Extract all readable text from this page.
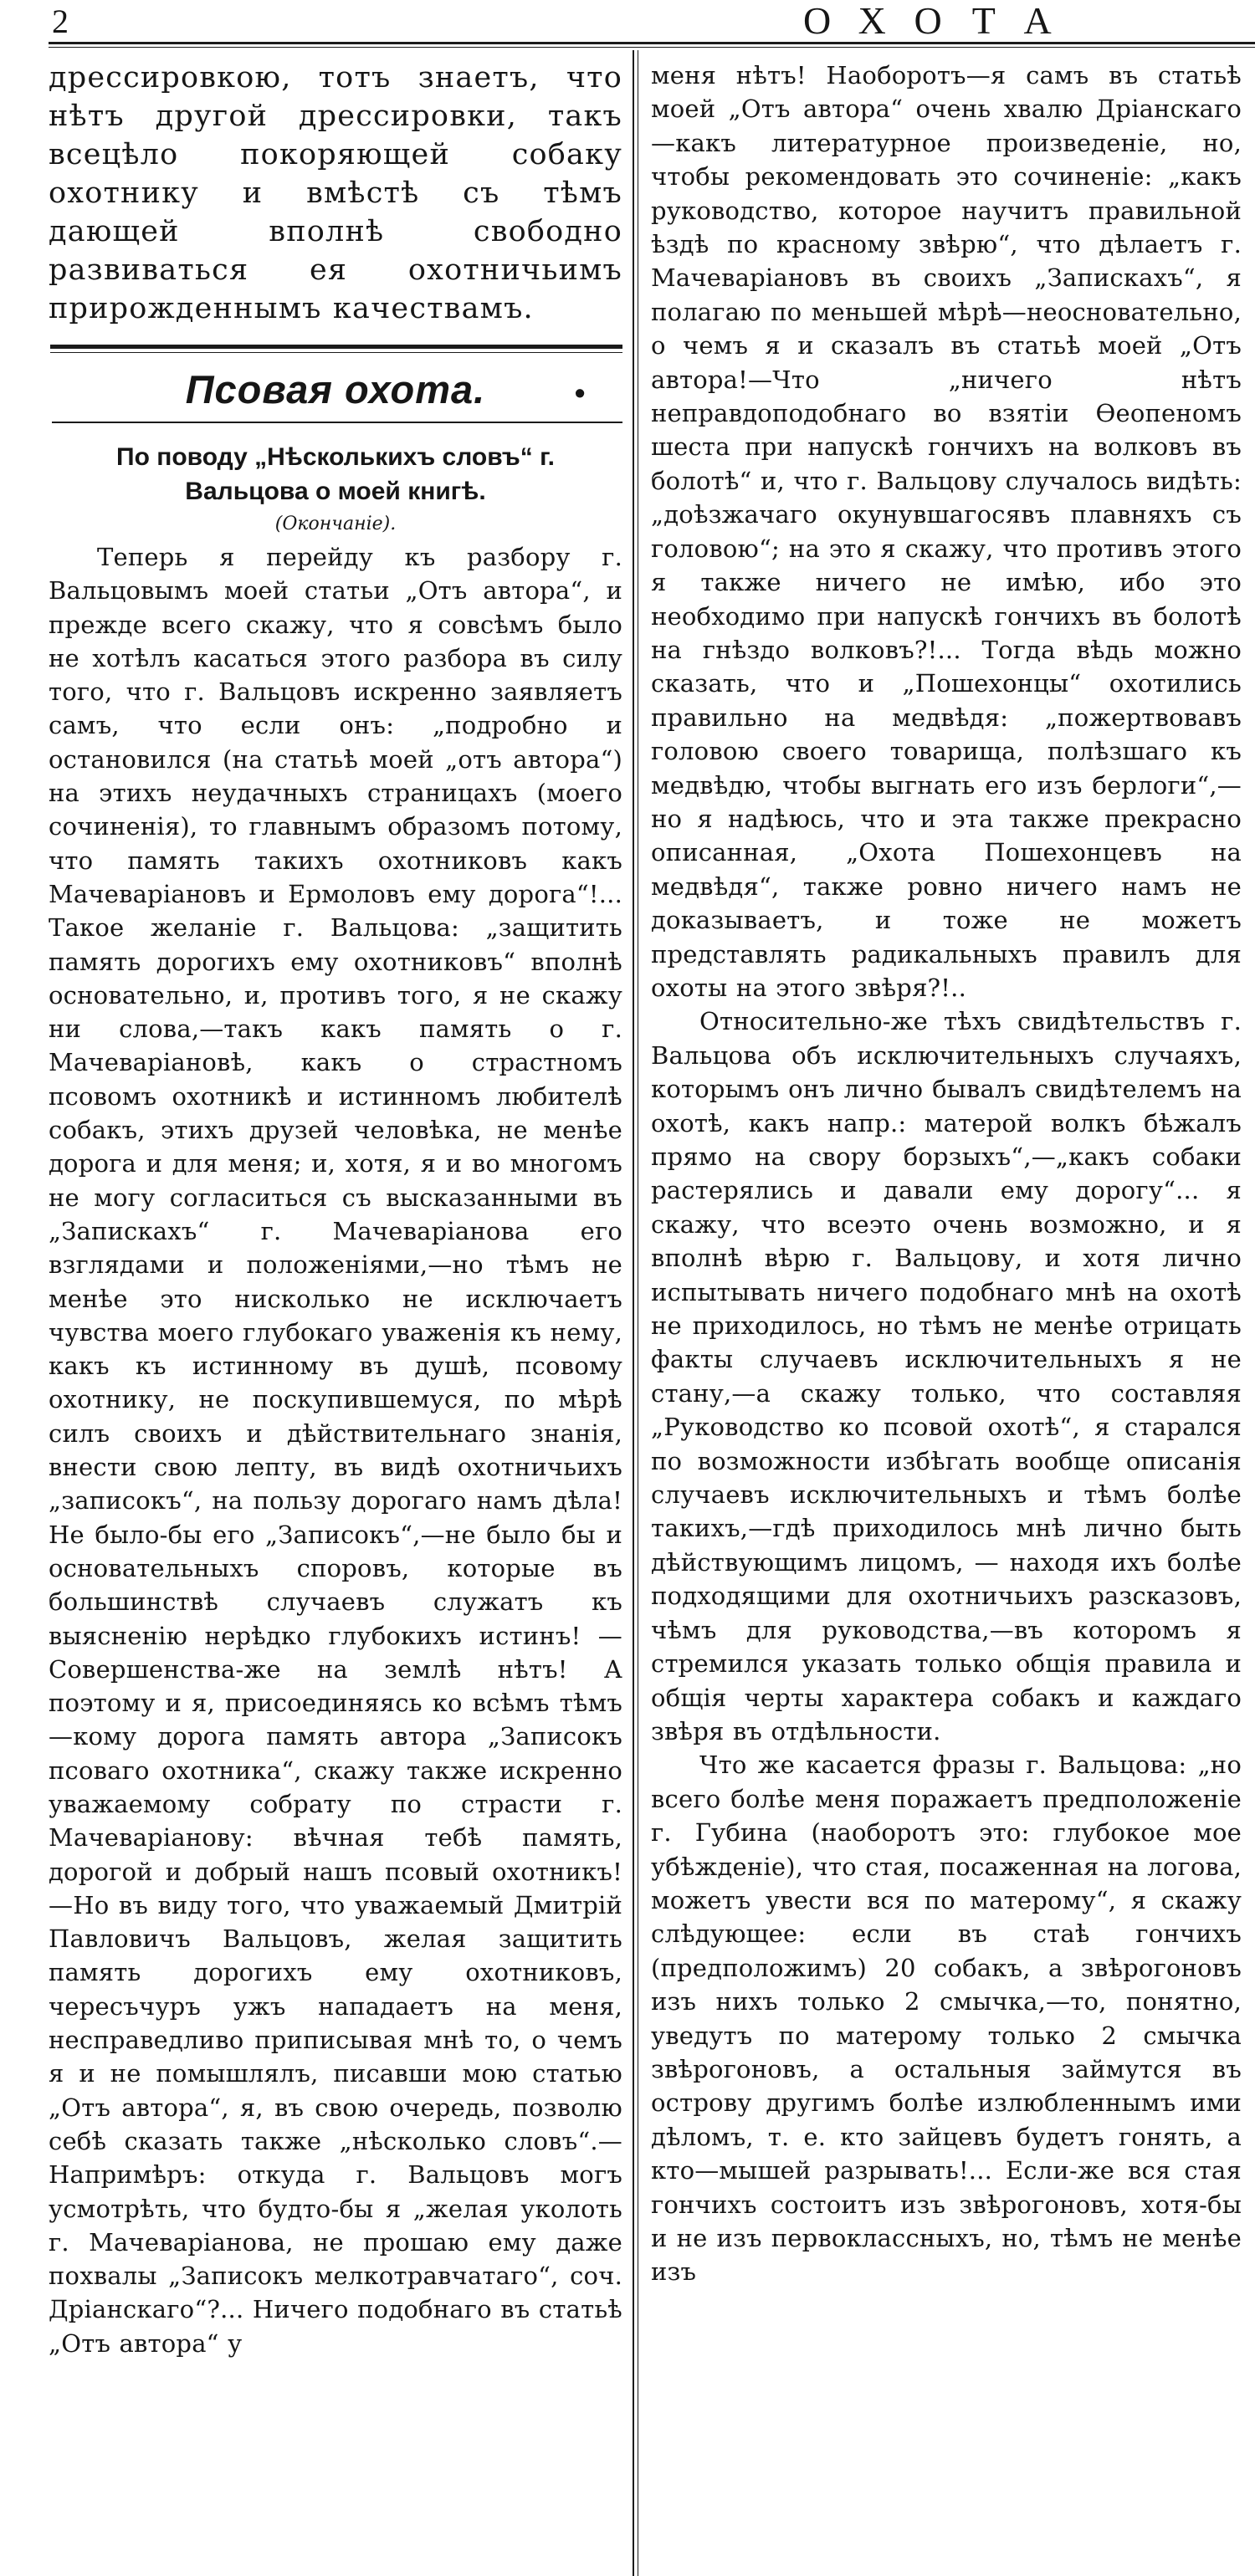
2	ОХОТА

дрессировкою, тотъ знаетъ, что нѣтъ другой дрессировки, такъ всецѣло покоряющей собаку охотнику и вмѣстѣ съ тѣмъ дающей вполнѣ свободно развиваться ея охотничьимъ прирожденнымъ качествамъ.

Псовая охота.	•
По поводу „Нѣсколькихъ словъ“ г. Вальцова о моей книгѣ.
(Окончаніе).

Теперь я перейду къ разбору г. Вальцовымъ моей статьи „Отъ автора“, и прежде всего скажу, что я совсѣмъ было не хотѣлъ касаться этого разбора въ силу того, что г. Вальцовъ искренно заявляетъ самъ, что если онъ: „подробно и остановился (на статьѣ моей „отъ автора“) на этихъ неудачныхъ страницахъ (моего сочиненія), то главнымъ образомъ потому, что память такихъ охотниковъ какъ Мачеваріановъ и Ермоловъ ему дорога“!... Такое желаніе г. Вальцова: „защитить память дорогихъ ему охотниковъ“ вполнѣ основательно, и, противъ того, я не скажу ни слова,—такъ какъ память о г. Мачеваріановѣ, какъ о страстномъ псовомъ охотникѣ и истинномъ любителѣ собакъ, этихъ друзей человѣка, не менѣе дорога и для меня; и, хотя, я и во многомъ не могу согласиться съ высказанными въ „Запискахъ“ г. Мачеваріанова его взглядами и положеніями,—но тѣмъ не менѣе это нисколько не исключаетъ чувства моего глубокаго уваженія къ нему, какъ къ истинному въ душѣ, псовому охотнику, не поскупившемуся, по мѣрѣ силъ своихъ и дѣйствительнаго знанія, внести свою лепту, въ видѣ охотничьихъ „записокъ“, на пользу дорогаго намъ дѣла! Не было-бы его „Записокъ“,—не было бы и основательныхъ споровъ, которые въ большинствѣ случаевъ служатъ къ выясненію нерѣдко глубокихъ истинъ! — Совершенства-же на землѣ нѣтъ! А поэтому и я, присоединяясь ко всѣмъ тѣмъ—кому дорога память автора „Записокъ псоваго охотника“, скажу также искренно уважаемому собрату по страсти г. Мачеваріанову: вѣчная тебѣ память, дорогой и добрый нашъ псовый охотникъ!—Но въ виду того, что уважаемый Дмитрій Павловичъ Вальцовъ, желая защитить память дорогихъ ему охотниковъ, чересъчуръ ужъ нападаетъ на меня, несправедливо приписывая мнѣ то, о чемъ я и не помышлялъ, писавши мою статью „Отъ автора“, я, въ свою очередь, позволю себѣ сказать также „нѣсколько словъ“.— Напримѣръ: откуда г. Вальцовъ могъ усмотрѣть, что будто-бы я „желая уколоть г. Мачеваріанова, не прошаю ему даже похвалы „Записокъ мелкотравчатаго“, соч. Дріанскаго“?... Ничего подобнаго въ статьѣ „Отъ автора“ у

меня нѣтъ! Наоборотъ—я самъ въ статьѣ моей „Отъ автора“ очень хвалю Дріанскаго—какъ литературное произведеніе, но, чтобы рекомендовать это сочиненіе: „какъ руководство, которое научитъ правильной ѣздѣ по красному звѣрю“, что дѣлаетъ г. Мачеваріановъ въ своихъ „Запискахъ“, я полагаю по меньшей мѣрѣ—неосновательно, о чемъ я и сказалъ въ статьѣ моей „Отъ автора!—Что „ничего нѣтъ неправдоподобнаго во взятіи Ѳеопеномъ шеста при напускѣ гончихъ на волковъ въ болотѣ“ и, что г. Вальцову случалось видѣть: „доѣзжачаго окунувшагосявъ плавняхъ съ головою“; на это я скажу, что противъ этого я также ничего не имѣю, ибо это необходимо при напускѣ гончихъ въ болотѣ на гнѣздо волковъ?!... Тогда вѣдь можно сказать, что и „Пошехонцы“ охотились правильно на медвѣдя: „пожертвовавъ головою своего товарища, полѣзшаго къ медвѣдю, чтобы выгнать его изъ берлоги“,—но я надѣюсь, что и эта также прекрасно описанная, „Охота Пошехонцевъ на медвѣдя“, также ровно ничего намъ не доказываетъ, и тоже не можетъ представлять радикальныхъ правилъ для охоты на этого звѣря?!..

Относительно-же тѣхъ свидѣтельствъ г. Вальцова объ исключительныхъ случаяхъ, которымъ онъ лично бывалъ свидѣтелемъ на охотѣ, какъ напр.: матерой волкъ бѣжалъ прямо на свору борзыхъ“,—„какъ собаки растерялись и давали ему дорогу“... я скажу, что всеэто очень возможно, и я вполнѣ вѣрю г. Вальцову, и хотя лично испытывать ничего подобнаго мнѣ на охотѣ не приходилось, но тѣмъ не менѣе отрицать факты случаевъ исключительныхъ я не стану,—а скажу только, что составляя „Руководство ко псовой охотѣ“, я старался по возможности избѣгать вообще описанія случаевъ исключительныхъ и тѣмъ болѣе такихъ,—гдѣ приходилось мнѣ лично быть дѣйствующимъ лицомъ, — находя ихъ болѣе подходящими для охотничьихъ разсказовъ, чѣмъ для руководства,—въ которомъ я стремился указать только общія правила и общія черты характера собакъ и каждаго звѣря въ отдѣльности.

Что же касается фразы г. Вальцова: „но всего болѣе меня поражаетъ предположеніе г. Губина (наоборотъ это: глубокое мое убѣжденіе), что стая, посаженная на логова, можетъ увести вся по матерому“, я скажу слѣдующее: если въ стаѣ гончихъ (предположимъ) 20 собакъ, а звѣрогоновъ изъ нихъ только 2 смычка,—то, понятно, уведутъ по матерому только 2 смычка звѣрогоновъ, а остальныя займутся въ острову другимъ болѣе излюбленнымъ ими дѣломъ, т. е. кто зайцевъ будетъ гонять, а кто—мышей разрывать!... Если-же вся стая гончихъ состоитъ изъ звѣрогоновъ, хотя-бы и не изъ первоклассныхъ, но, тѣмъ не менѣе изъ
